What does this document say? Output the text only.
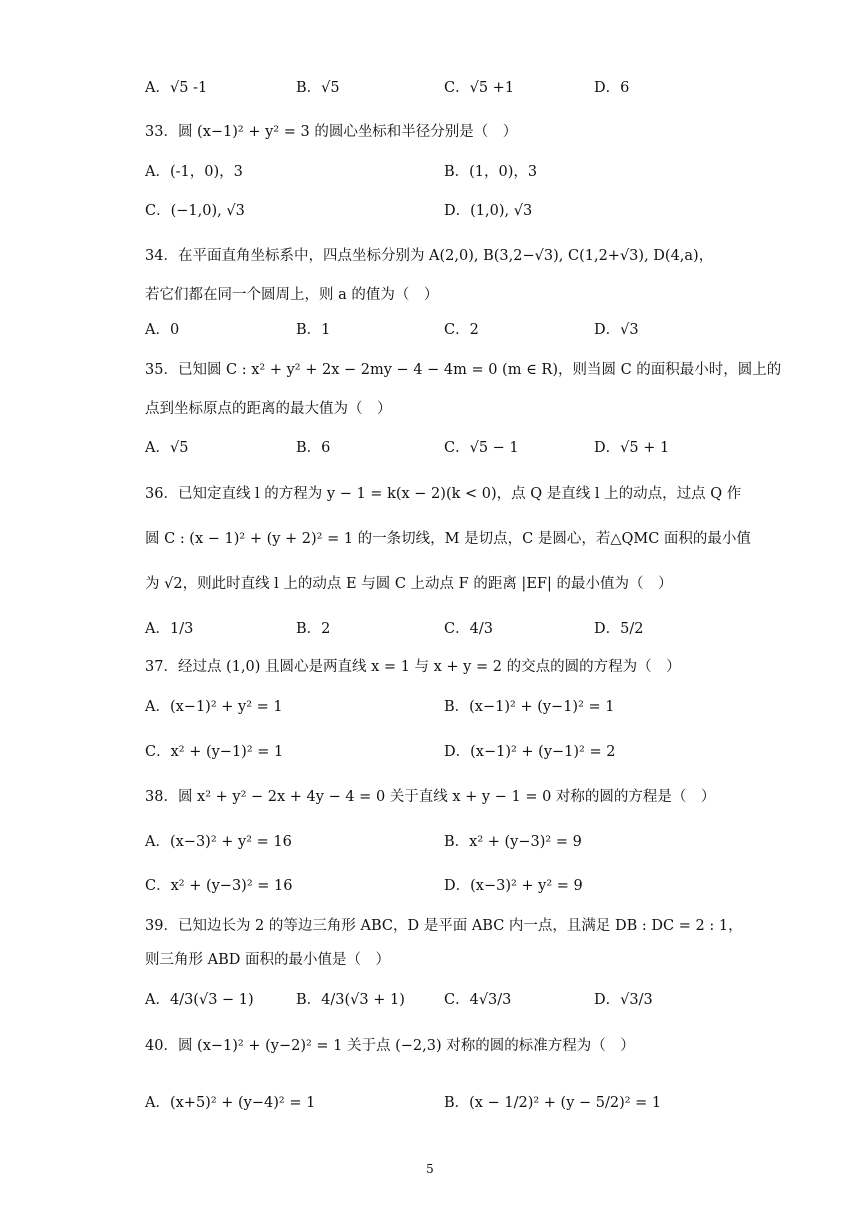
A．√5 -1	B．√5	C．√5 +1	D．6
33．圆 (x−1)² + y² = 3 的圆心坐标和半径分别是（　）
A．(-1，0)，3	B．(1，0)，3
C．(−1,0), √3	D．(1,0), √3
34．在平面直角坐标系中，四点坐标分别为 A(2,0), B(3,2−√3), C(1,2+√3), D(4,a)，
若它们都在同一个圆周上，则 a 的值为（　）
A．0	B．1	C．2	D．√3
35．已知圆 C : x² + y² + 2x − 2my − 4 − 4m = 0 (m ∈ R)，则当圆 C 的面积最小时，圆上的
点到坐标原点的距离的最大值为（　）
A．√5	B．6	C．√5 − 1	D．√5 + 1
36．已知定直线 l 的方程为 y − 1 = k(x − 2)(k < 0)，点 Q 是直线 l 上的动点，过点 Q 作
圆 C : (x − 1)² + (y + 2)² = 1 的一条切线，M 是切点，C 是圆心，若△QMC 面积的最小值
为 √2，则此时直线 l 上的动点 E 与圆 C 上动点 F 的距离 |EF| 的最小值为（　）
A．1/3	B．2	C．4/3	D．5/2
37．经过点 (1,0) 且圆心是两直线 x = 1 与 x + y = 2 的交点的圆的方程为（　）
A．(x−1)² + y² = 1	B．(x−1)² + (y−1)² = 1
C．x² + (y−1)² = 1	D．(x−1)² + (y−1)² = 2
38．圆 x² + y² − 2x + 4y − 4 = 0 关于直线 x + y − 1 = 0 对称的圆的方程是（　）
A．(x−3)² + y² = 16	B．x² + (y−3)² = 9
C．x² + (y−3)² = 16	D．(x−3)² + y² = 9
39．已知边长为 2 的等边三角形 ABC，D 是平面 ABC 内一点，且满足 DB : DC = 2 : 1，
则三角形 ABD 面积的最小值是（　）
A．4/3(√3 − 1)	B．4/3(√3 + 1)	C．4√3/3	D．√3/3
40．圆 (x−1)² + (y−2)² = 1 关于点 (−2,3) 对称的圆的标准方程为（　）
A．(x+5)² + (y−4)² = 1	B．(x − 1/2)² + (y − 5/2)² = 1
5
